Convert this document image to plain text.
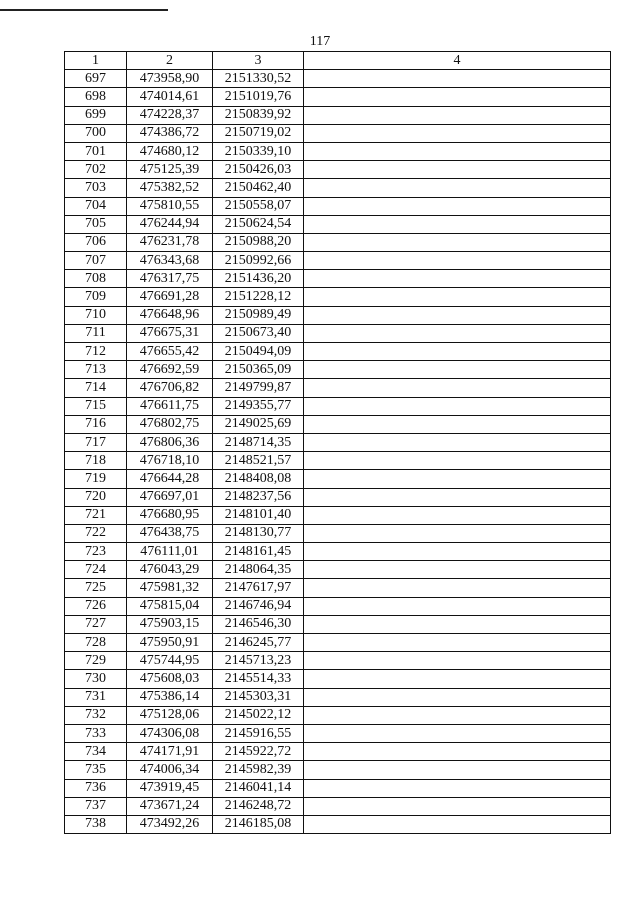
117
1	2	3	4
697	473958,90	2151330,52	
698	474014,61	2151019,76	
699	474228,37	2150839,92	
700	474386,72	2150719,02	
701	474680,12	2150339,10	
702	475125,39	2150426,03	
703	475382,52	2150462,40	
704	475810,55	2150558,07	
705	476244,94	2150624,54	
706	476231,78	2150988,20	
707	476343,68	2150992,66	
708	476317,75	2151436,20	
709	476691,28	2151228,12	
710	476648,96	2150989,49	
711	476675,31	2150673,40	
712	476655,42	2150494,09	
713	476692,59	2150365,09	
714	476706,82	2149799,87	
715	476611,75	2149355,77	
716	476802,75	2149025,69	
717	476806,36	2148714,35	
718	476718,10	2148521,57	
719	476644,28	2148408,08	
720	476697,01	2148237,56	
721	476680,95	2148101,40	
722	476438,75	2148130,77	
723	476111,01	2148161,45	
724	476043,29	2148064,35	
725	475981,32	2147617,97	
726	475815,04	2146746,94	
727	475903,15	2146546,30	
728	475950,91	2146245,77	
729	475744,95	2145713,23	
730	475608,03	2145514,33	
731	475386,14	2145303,31	
732	475128,06	2145022,12	
733	474306,08	2145916,55	
734	474171,91	2145922,72	
735	474006,34	2145982,39	
736	473919,45	2146041,14	
737	473671,24	2146248,72	
738	473492,26	2146185,08	
